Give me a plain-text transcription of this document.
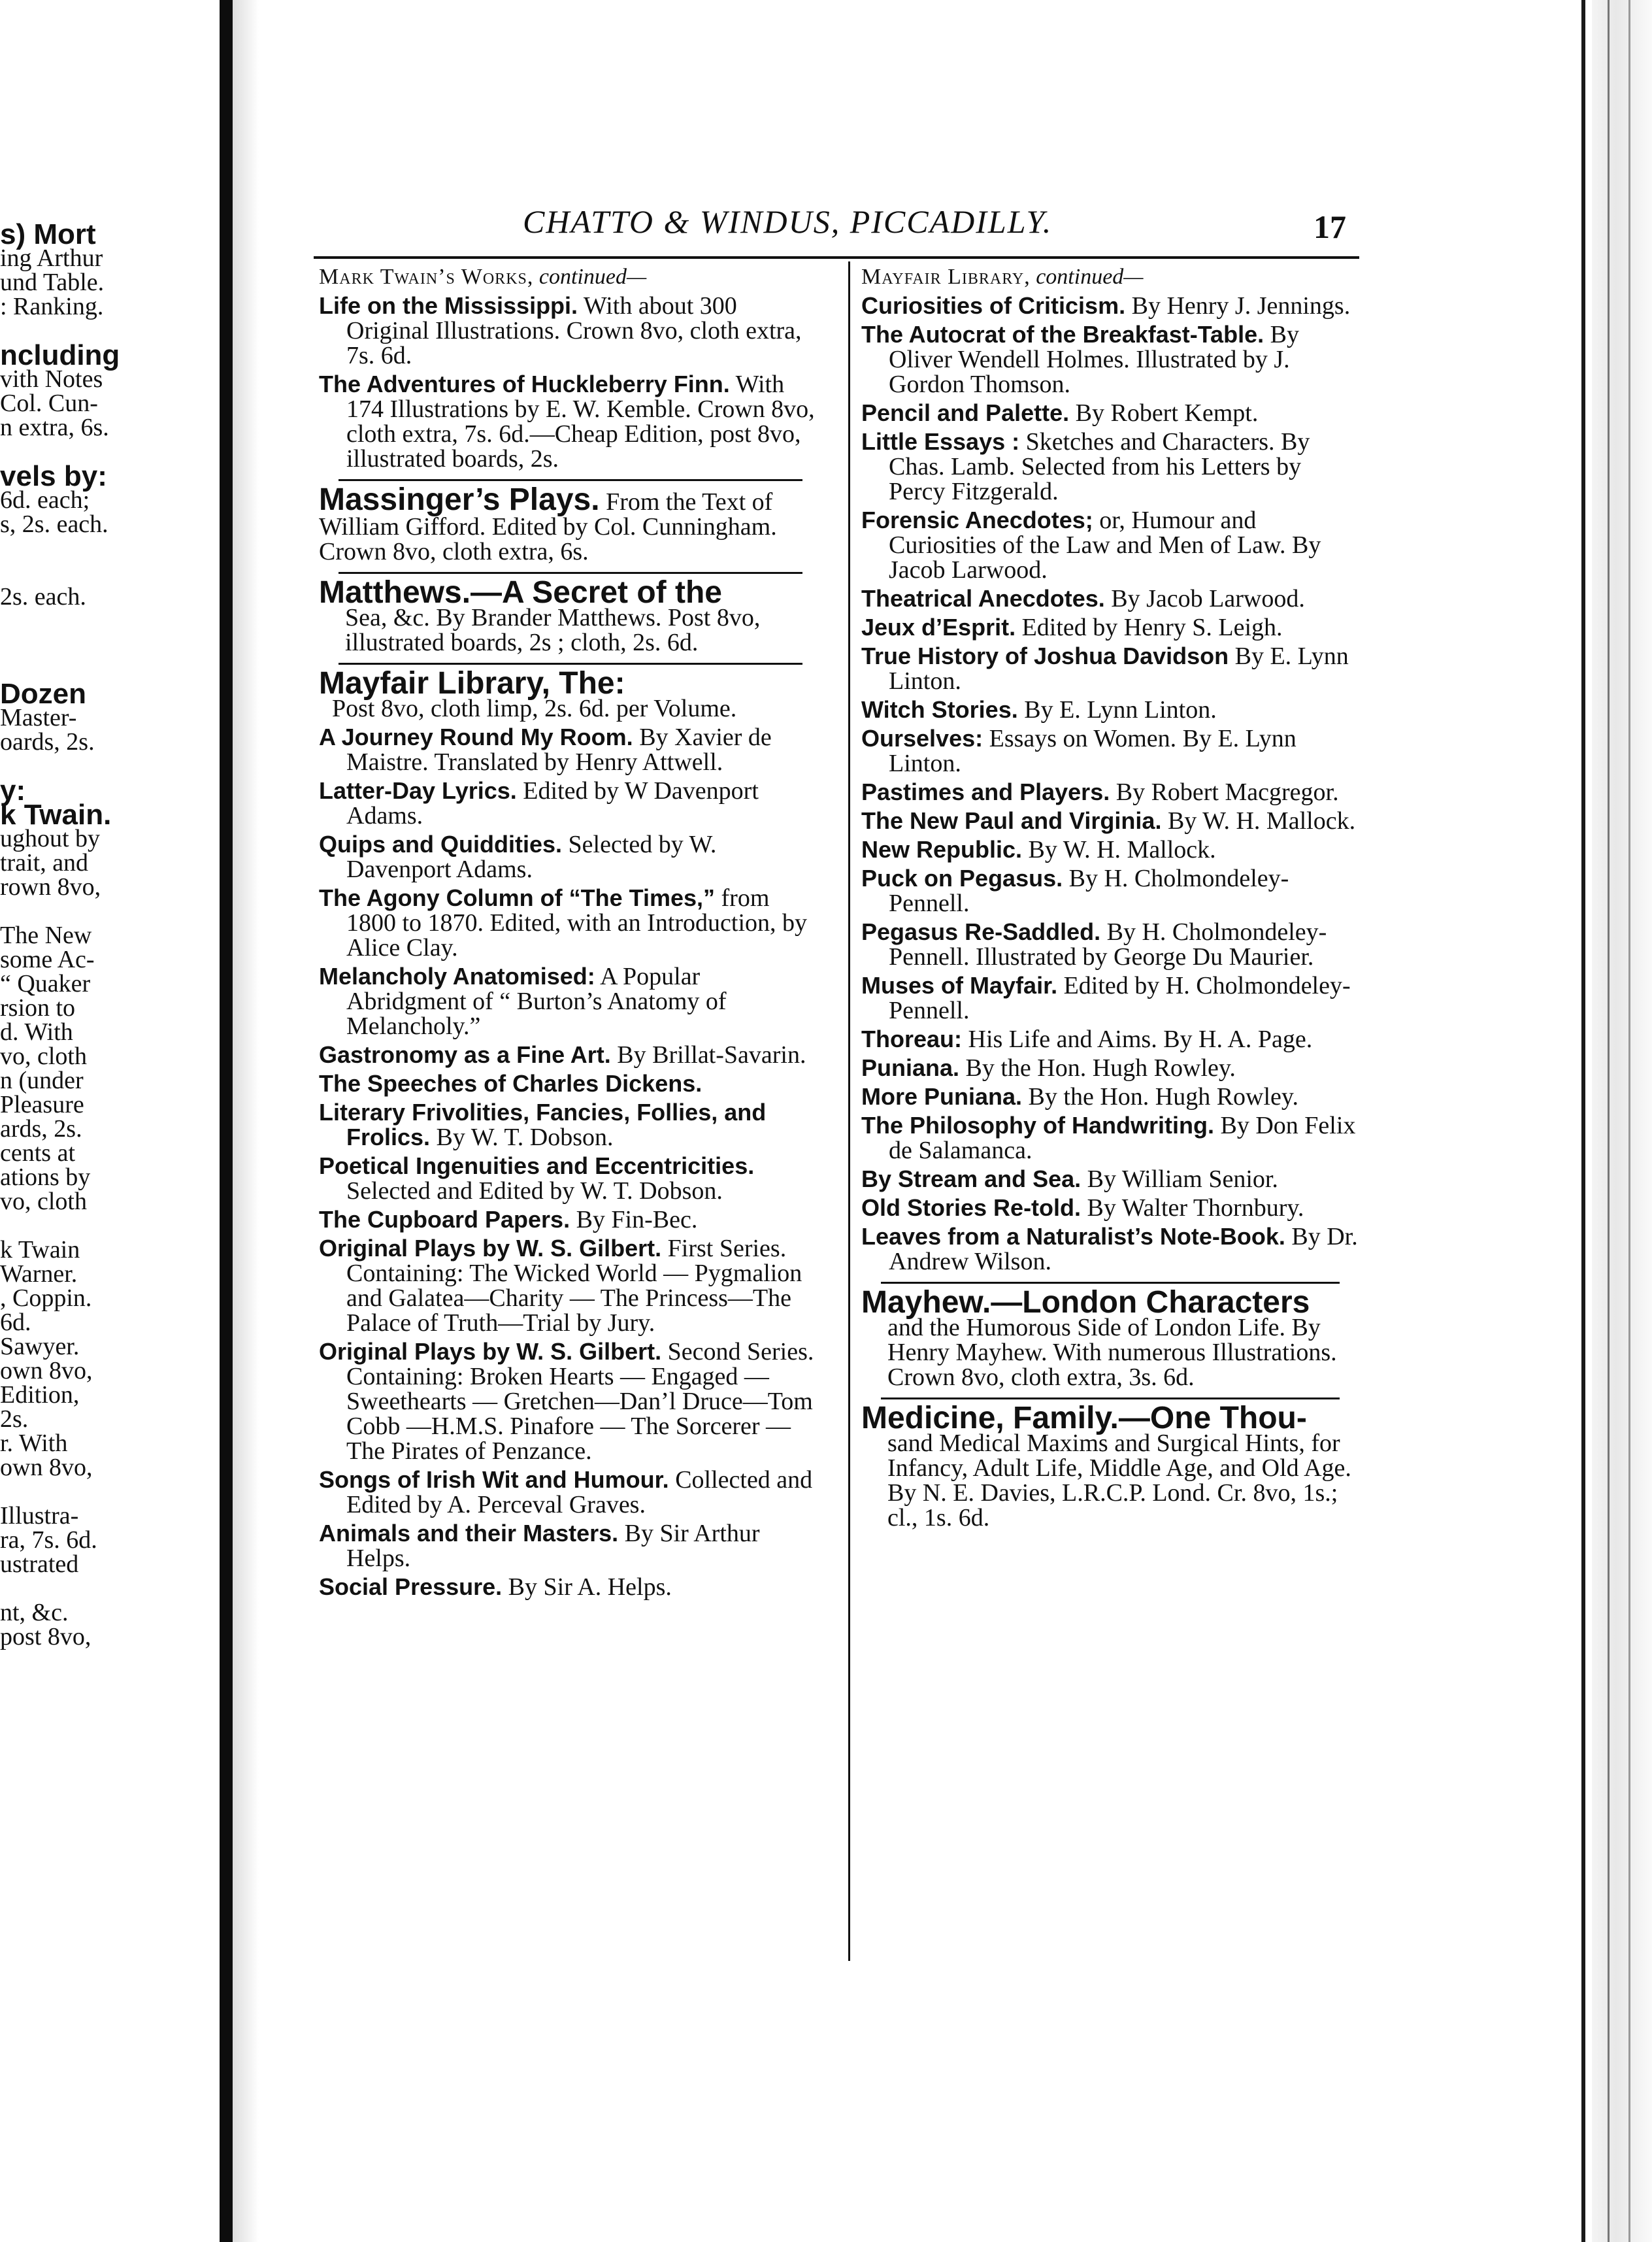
s) Mort
ing Arthur
und Table.
: Ranking.
ncluding
vith Notes
Col. Cun-
n extra, 6s.
vels by:
6d. each;
s, 2s. each.
2s. each.
Dozen
Master-
oards, 2s.
y:
k Twain.
ughout by
trait, and
rown 8vo,
The New
some Ac-
“ Quaker
rsion to
d. With
vo, cloth
n (under
Pleasure
ards, 2s.
cents at
ations by
vo, cloth
k Twain
Warner.
, Coppin.
6d.
Sawyer.
own 8vo,
Edition,
2s.
r. With
own 8vo,
Illustra-
ra, 7s. 6d.
ustrated
nt, &c.
post 8vo,
CHATTO & WINDUS, PICCADILLY.	17
Mark Twain’s Works, continued—
Life on the Mississippi. With about 300 Original Illustrations. Crown 8vo, cloth extra, 7s. 6d.
The Adventures of Huckleberry Finn. With 174 Illustrations by E. W. Kemble. Crown 8vo, cloth extra, 7s. 6d.—Cheap Edition, post 8vo, illustrated boards, 2s.
Massinger’s Plays. From the Text of William Gifford. Edited by Col. Cunningham. Crown 8vo, cloth extra, 6s.
Matthews.—A Secret of the
Sea, &c. By Brander Matthews. Post 8vo, illustrated boards, 2s ; cloth, 2s. 6d.
Mayfair Library, The:
Post 8vo, cloth limp, 2s. 6d. per Volume.
A Journey Round My Room. By Xavier de Maistre. Translated by Henry Attwell.
Latter-Day Lyrics. Edited by W Davenport Adams.
Quips and Quiddities. Selected by W. Davenport Adams.
The Agony Column of “The Times,” from 1800 to 1870. Edited, with an Introduction, by Alice Clay.
Melancholy Anatomised: A Popular Abridgment of “ Burton’s Anatomy of Melancholy.”
Gastronomy as a Fine Art. By Brillat-Savarin.
The Speeches of Charles Dickens.
Literary Frivolities, Fancies, Follies, and Frolics. By W. T. Dobson.
Poetical Ingenuities and Eccentricities. Selected and Edited by W. T. Dobson.
The Cupboard Papers. By Fin-Bec.
Original Plays by W. S. Gilbert. First Series. Containing: The Wicked World — Pygmalion and Galatea—Charity — The Princess—The Palace of Truth—Trial by Jury.
Original Plays by W. S. Gilbert. Second Series. Containing: Broken Hearts — Engaged — Sweethearts — Gretchen—Dan’l Druce—Tom Cobb —H.M.S. Pinafore — The Sorcerer —The Pirates of Penzance.
Songs of Irish Wit and Humour. Collected and Edited by A. Perceval Graves.
Animals and their Masters. By Sir Arthur Helps.
Social Pressure. By Sir A. Helps.
Mayfair Library, continued—
Curiosities of Criticism. By Henry J. Jennings.
The Autocrat of the Breakfast-Table. By Oliver Wendell Holmes. Illustrated by J. Gordon Thomson.
Pencil and Palette. By Robert Kempt.
Little Essays : Sketches and Characters. By Chas. Lamb. Selected from his Letters by Percy Fitzgerald.
Forensic Anecdotes; or, Humour and Curiosities of the Law and Men of Law. By Jacob Larwood.
Theatrical Anecdotes. By Jacob Larwood.
Jeux d’Esprit. Edited by Henry S. Leigh.
True History of Joshua Davidson By E. Lynn Linton.
Witch Stories. By E. Lynn Linton.
Ourselves: Essays on Women. By E. Lynn Linton.
Pastimes and Players. By Robert Macgregor.
The New Paul and Virginia. By W. H. Mallock.
New Republic. By W. H. Mallock.
Puck on Pegasus. By H. Cholmondeley-Pennell.
Pegasus Re-Saddled. By H. Cholmondeley-Pennell. Illustrated by George Du Maurier.
Muses of Mayfair. Edited by H. Cholmondeley-Pennell.
Thoreau: His Life and Aims. By H. A. Page.
Puniana. By the Hon. Hugh Rowley.
More Puniana. By the Hon. Hugh Rowley.
The Philosophy of Handwriting. By Don Felix de Salamanca.
By Stream and Sea. By William Senior.
Old Stories Re-told. By Walter Thornbury.
Leaves from a Naturalist’s Note-Book. By Dr. Andrew Wilson.
Mayhew.—London Characters
and the Humorous Side of London Life. By Henry Mayhew. With numerous Illustrations. Crown 8vo, cloth extra, 3s. 6d.
Medicine, Family.—One Thou-
sand Medical Maxims and Surgical Hints, for Infancy, Adult Life, Middle Age, and Old Age. By N. E. Davies, L.R.C.P. Lond. Cr. 8vo, 1s.; cl., 1s. 6d.
